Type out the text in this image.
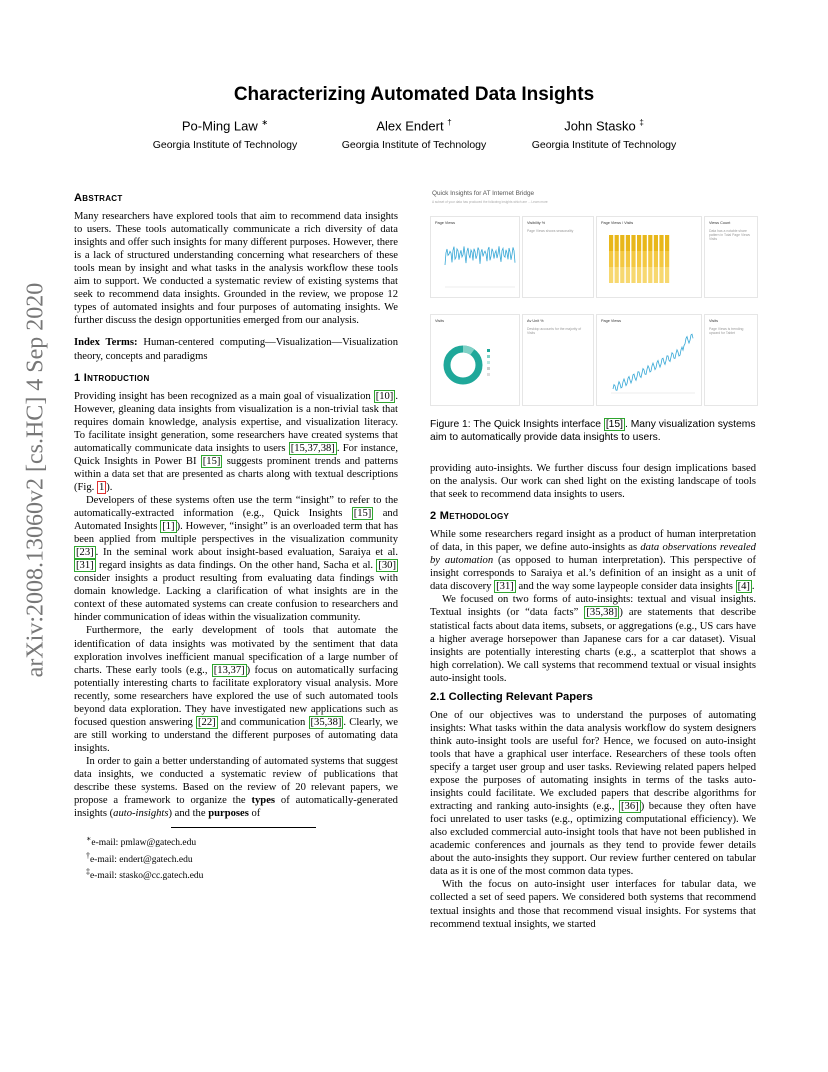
Characterizing Automated Data Insights
Po-Ming Law ∗
Georgia Institute of Technology
Alex Endert †
Georgia Institute of Technology
John Stasko ‡
Georgia Institute of Technology
arXiv:2008.13060v2 [cs.HC] 4 Sep 2020
Abstract

Many researchers have explored tools that aim to recommend data insights to users. These tools automatically communicate a rich diversity of data insights and offer such insights for many different purposes. However, there is a lack of structured understanding concerning what researchers of these tools mean by insight and what tasks in the analysis workflow these tools aim to support. We conducted a systematic review of existing systems that seek to recommend data insights. Grounded in the review, we propose 12 types of automated insights and four purposes of automating insights. We further discuss the design opportunities emerged from our analysis.

Index Terms: Human-centered computing—Visualization—Visualization theory, concepts and paradigms

1 Introduction

Providing insight has been recognized as a main goal of visualization [10] . However, gleaning data insights from visualization is a non-trivial task that requires domain knowledge, analysis expertise, and visualization literacy. To facilitate insight generation, some researchers have created systems that automatically communicate data insights to users [15,37,38] . For instance, Quick Insights in Power BI [15] suggests prominent trends and patterns within a data set that are presented as charts along with textual descriptions (Fig. 1 ).

Developers of these systems often use the term “insight” to refer to the automatically-extracted information (e.g., Quick Insights [15] and Automated Insights [1] ). However, “insight” is an overloaded term that has been applied from multiple perspectives in the visualization community [23] . In the seminal work about insight-based evaluation, Saraiya et al. [31] regard insights as data findings. On the other hand, Sacha et al. [30] consider insights a product resulting from evaluating data findings with domain knowledge. Lacking a clarification of what insights are in the context of these automated systems can create confusion to researchers and hinder communication of ideas within the visualization community.

Furthermore, the early development of tools that automate the identification of data insights was motivated by the sentiment that data exploration involves inefficient manual specification of a large number of charts. These early tools (e.g., [13,37] ) focus on automatically surfacing potentially interesting charts to facilitate exploratory visual analysis. More recently, some researchers have explored the use of such automated tools beyond data exploration. They have investigated new applications such as focused question answering [22] and communication [35,38] . Clearly, we are still working to understand the different purposes of automating data insights.

In order to gain a better understanding of automated systems that suggest data insights, we conducted a systematic review of publications that describe these systems. Based on the review of 20 relevant papers, we propose a framework to organize the types of automatically-generated insights (auto-insights) and the purposes of

∗e-mail: pmlaw@gatech.edu
†e-mail: endert@gatech.edu
‡e-mail: stasko@cc.gatech.edu
Quick Insights for AT Internet Bridge
A subset of your data has produced the following insights which are ... Learn more
Page Views	Visibility %
Page Views shows seasonality
Page Views / Visits	Views Count
Data has a notable share pattern in Total Page Views Visits
Visits	Av Unit %
Desktop accounts for the majority of Visits
Page Views	Visits
Page Views is trending upward for Tablet
Figure 1: The Quick Insights interface [15] . Many visualization systems aim to automatically provide data insights to users.

providing auto-insights. We further discuss four design implications based on the analysis. Our work can shed light on the existing landscape of tools that seek to recommend data insights to users.

2 Methodology

While some researchers regard insight as a product of human interpretation of data, in this paper, we define auto-insights as data observations revealed by automation (as opposed to human interpretation). This perspective of insight corresponds to Saraiya et al.’s definition of an insight as a unit of data discovery [31] and the way some laypeople consider data insights [4] .

We focused on two forms of auto-insights: textual and visual insights. Textual insights (or “data facts” [35,38] ) are statements that describe statistical facts about data items, subsets, or aggregations (e.g., US cars have a higher average horsepower than Japanese cars for a car dataset). Visual insights are potentially interesting charts (e.g., a scatterplot that shows a high correlation). We call systems that recommend textual or visual insights auto-insight tools.

2.1 Collecting Relevant Papers

One of our objectives was to understand the purposes of automating insights: What tasks within the data analysis workflow do system designers think auto-insight tools are useful for? Hence, we focused on auto-insight tools that have a graphical user interface. Researchers of these tools often specify a target user group and user tasks. Reviewing related papers helped expose the purposes of automating insights in terms of the tasks auto-insights could facilitate. We excluded papers that describe algorithms for extracting and ranking auto-insights (e.g., [36] ) because they often have foci unrelated to user tasks (e.g., optimizing computational efficiency). We also excluded commercial auto-insight tools that have not been published in academic conferences and journals as they tend to provide fewer details about the auto-insights they support. Our review further centered on tabular data as it is one of the most common data types.

With the focus on auto-insight user interfaces for tabular data, we collected a set of seed papers. We considered both systems that recommend textual insights and those that recommend visual insights. For systems that recommend textual insights, we started
